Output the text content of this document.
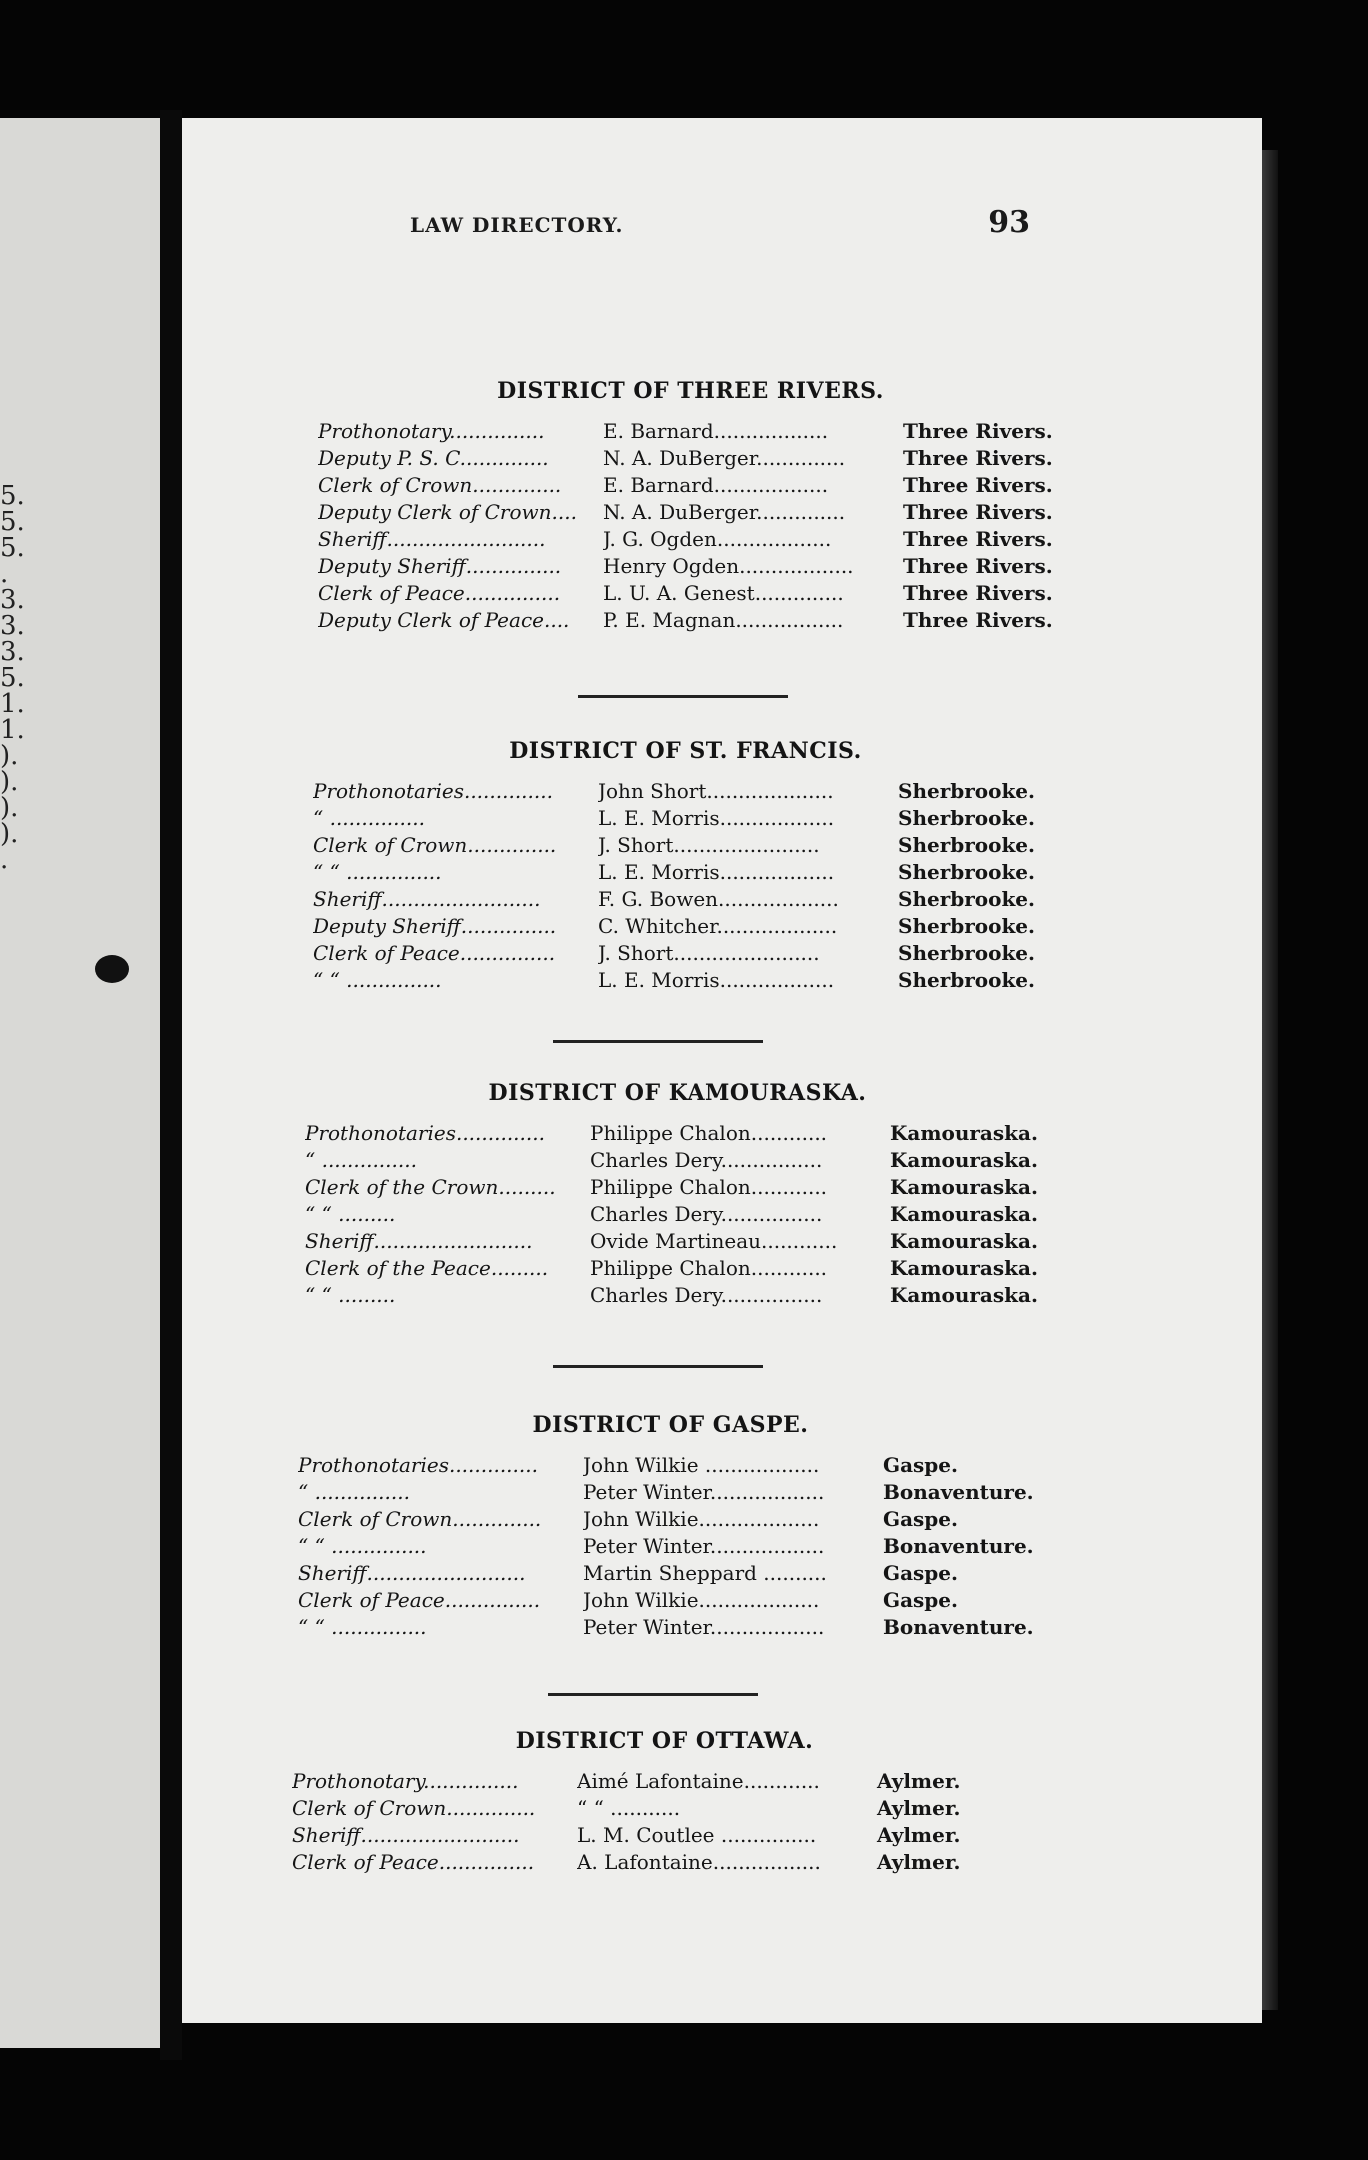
5.
5.
5.
.
3.
3.
3.
5.
1.
1.
).
).
).
).
.
LAW DIRECTORY.	93
DISTRICT OF THREE RIVERS.
Prothonotary...............	E. Barnard..................	Three Rivers.
Deputy P. S. C..............	N. A. DuBerger..............	Three Rivers.
Clerk of Crown..............	E. Barnard..................	Three Rivers.
Deputy Clerk of Crown....	N. A. DuBerger..............	Three Rivers.
Sheriff.........................	J. G. Ogden..................	Three Rivers.
Deputy Sheriff...............	Henry Ogden..................	Three Rivers.
Clerk of Peace...............	L. U. A. Genest..............	Three Rivers.
Deputy Clerk of Peace....	P. E. Magnan.................	Three Rivers.
DISTRICT OF ST. FRANCIS.
Prothonotaries..............	John Short....................	Sherbrooke.
“ ...............	L. E. Morris..................	Sherbrooke.
Clerk of Crown..............	J. Short.......................	Sherbrooke.
“ “ ...............	L. E. Morris..................	Sherbrooke.
Sheriff.........................	F. G. Bowen...................	Sherbrooke.
Deputy Sheriff...............	C. Whitcher...................	Sherbrooke.
Clerk of Peace...............	J. Short.......................	Sherbrooke.
“ “ ...............	L. E. Morris..................	Sherbrooke.
DISTRICT OF KAMOURASKA.
Prothonotaries..............	Philippe Chalon............	Kamouraska.
“ ...............	Charles Dery................	Kamouraska.
Clerk of the Crown.........	Philippe Chalon............	Kamouraska.
“ “ .........	Charles Dery................	Kamouraska.
Sheriff.........................	Ovide Martineau............	Kamouraska.
Clerk of the Peace.........	Philippe Chalon............	Kamouraska.
“ “ .........	Charles Dery................	Kamouraska.
DISTRICT OF GASPE.
Prothonotaries..............	John Wilkie ..................	Gaspe.
“ ...............	Peter Winter..................	Bonaventure.
Clerk of Crown..............	John Wilkie...................	Gaspe.
“ “ ...............	Peter Winter..................	Bonaventure.
Sheriff.........................	Martin Sheppard ..........	Gaspe.
Clerk of Peace...............	John Wilkie...................	Gaspe.
“ “ ...............	Peter Winter..................	Bonaventure.
DISTRICT OF OTTAWA.
Prothonotary...............	Aimé Lafontaine............	Aylmer.
Clerk of Crown..............	“ “ ...........	Aylmer.
Sheriff.........................	L. M. Coutlee ...............	Aylmer.
Clerk of Peace...............	A. Lafontaine.................	Aylmer.
